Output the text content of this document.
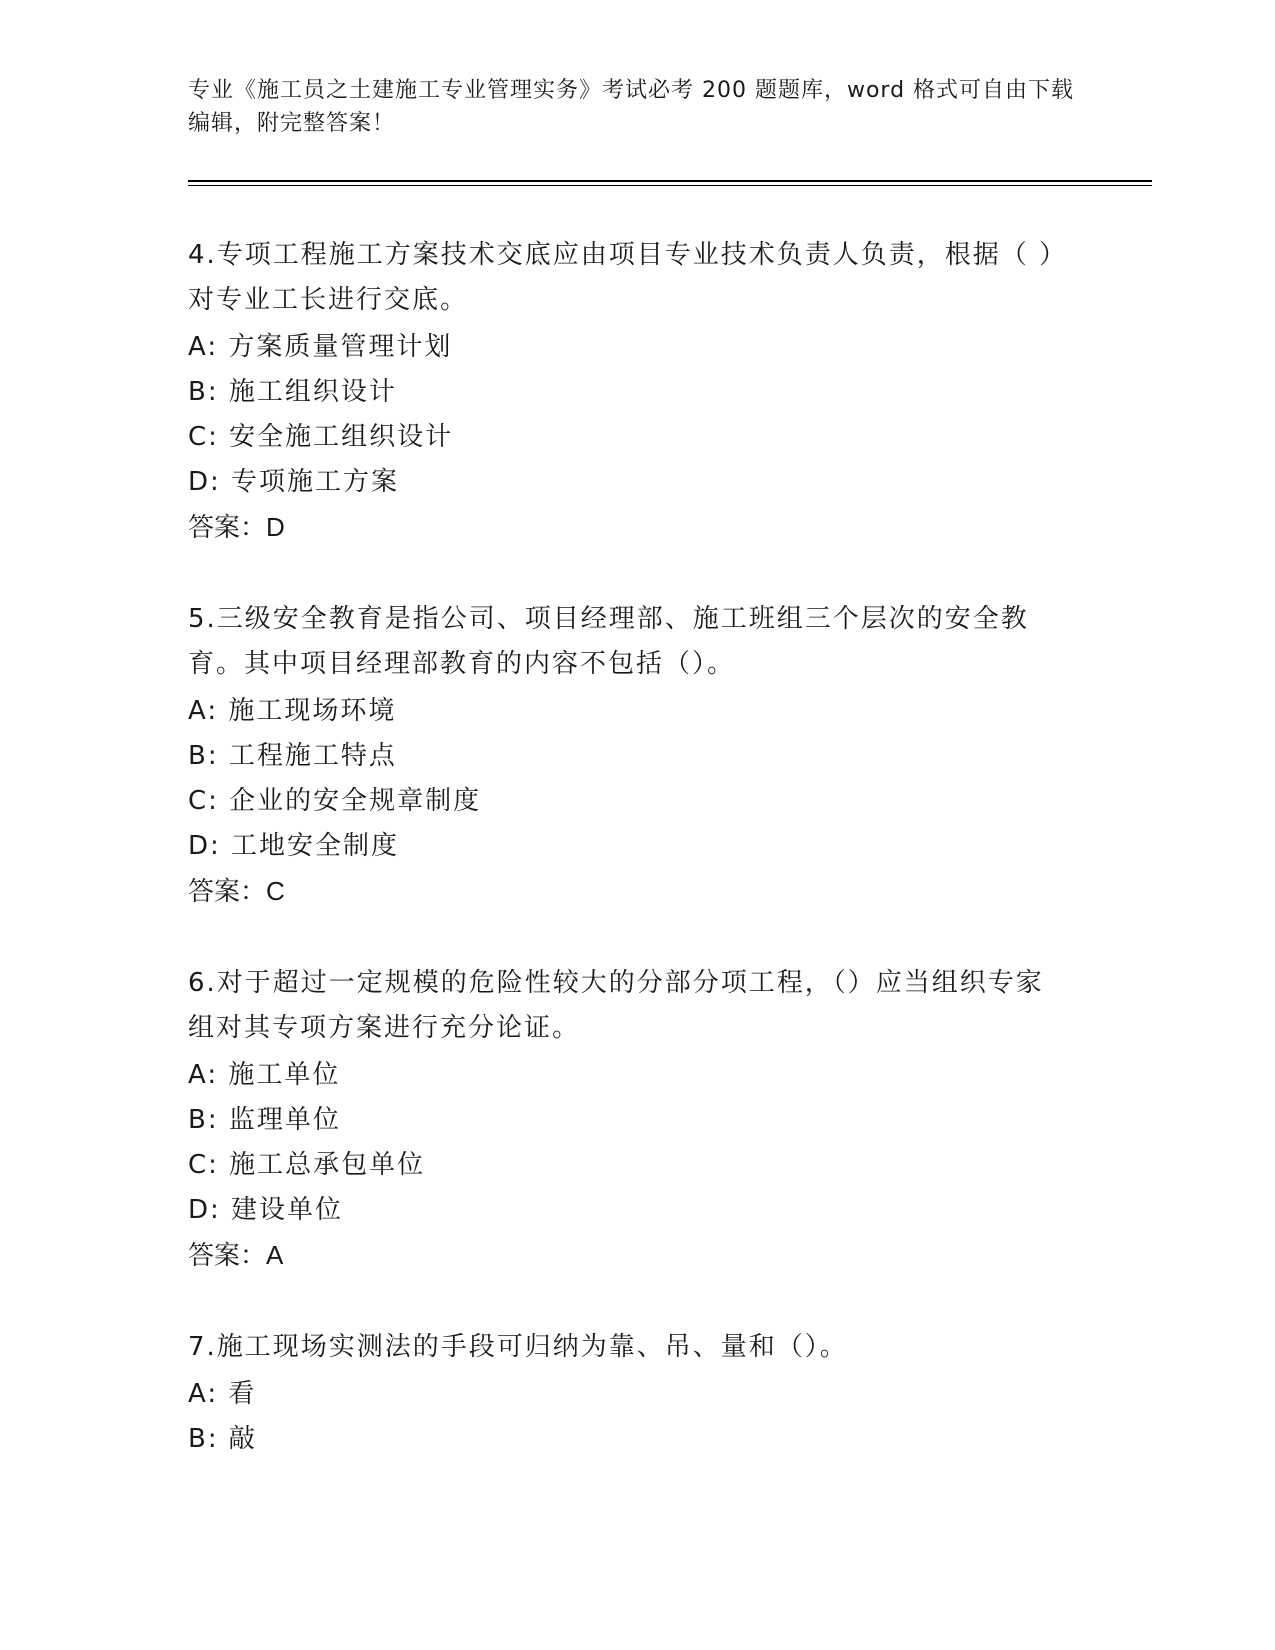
专业《施工员之土建施工专业管理实务》考试必考 200 题题库，word 格式可自由下载编辑，附完整答案！

4.专项工程施工方案技术交底应由项目专业技术负责人负责，根据（ ）对专业工长进行交底。

A: 方案质量管理计划

B: 施工组织设计

C: 安全施工组织设计

D: 专项施工方案

答案：D

5.三级安全教育是指公司、项目经理部、施工班组三个层次的安全教育。其中项目经理部教育的内容不包括（）。

A: 施工现场环境

B: 工程施工特点

C: 企业的安全规章制度

D: 工地安全制度

答案：C

6.对于超过一定规模的危险性较大的分部分项工程，（）应当组织专家组对其专项方案进行充分论证。

A: 施工单位

B: 监理单位

C: 施工总承包单位

D: 建设单位

答案：A

7.施工现场实测法的手段可归纳为靠、吊、量和（）。

A: 看

B: 敲
